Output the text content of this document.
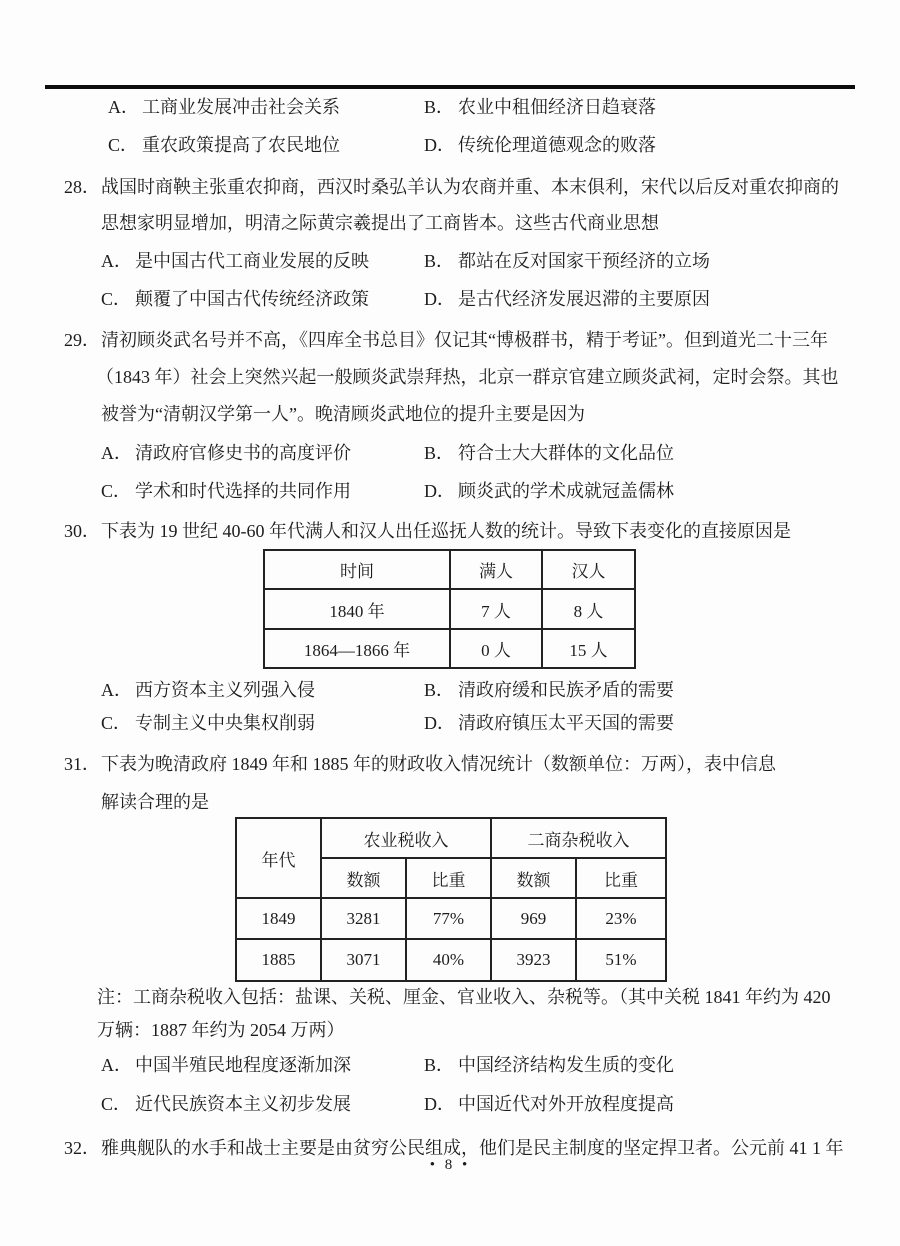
A． 工商业发展冲击社会关系	B． 农业中租佃经济日趋衰落
C． 重农政策提高了农民地位	D． 传统伦理道德观念的败落
28．战国时商鞅主张重农抑商，西汉时桑弘羊认为农商并重、本末俱利，宋代以后反对重农抑商的
思想家明显增加，明清之际黄宗羲提出了工商皆本。这些古代商业思想
A． 是中国古代工商业发展的反映	B． 都站在反对国家干预经济的立场
C． 颠覆了中国古代传统经济政策	D． 是古代经济发展迟滞的主要原因
29．清初顾炎武名号并不高，《四库全书总目》仅记其“博极群书，精于考证”。但到道光二十三年
（1843 年）社会上突然兴起一般顾炎武崇拜热，北京一群京官建立顾炎武祠，定时会祭。其也
被誉为“清朝汉学第一人”。晚清顾炎武地位的提升主要是因为
A． 清政府官修史书的高度评价	B． 符合士大大群体的文化品位
C． 学术和时代选择的共同作用	D． 顾炎武的学术成就冠盖儒林
30．下表为 19 世纪 40-60 年代满人和汉人出任巡抚人数的统计。导致下表变化的直接原因是
时间	满人	汉人
1840 年	7 人	8 人
1864—1866 年	0 人	15 人
A． 西方资本主义列强入侵	B． 清政府缓和民族矛盾的需要
C． 专制主义中央集权削弱	D． 清政府镇压太平天国的需要
31．下表为晚清政府 1849 年和 1885 年的财政收入情况统计（数额单位：万两），表中信息
解读合理的是
年代	农业税收入		二商杂税收入	
	数额	比重	数额	比重
1849	3281	77%	969	23%
1885	3071	40%	3923	51%
注：工商杂税收入包括：盐课、关税、厘金、官业收入、杂税等。（其中关税 1841 年约为 420
万辆：1887 年约为 2054 万两）
A． 中国半殖民地程度逐渐加深	B． 中国经济结构发生质的变化
C． 近代民族资本主义初步发展	D． 中国近代对外开放程度提高
32．雅典舰队的水手和战士主要是由贫穷公民组成，他们是民主制度的坚定捍卫者。公元前 41 1 年
• 8 •
